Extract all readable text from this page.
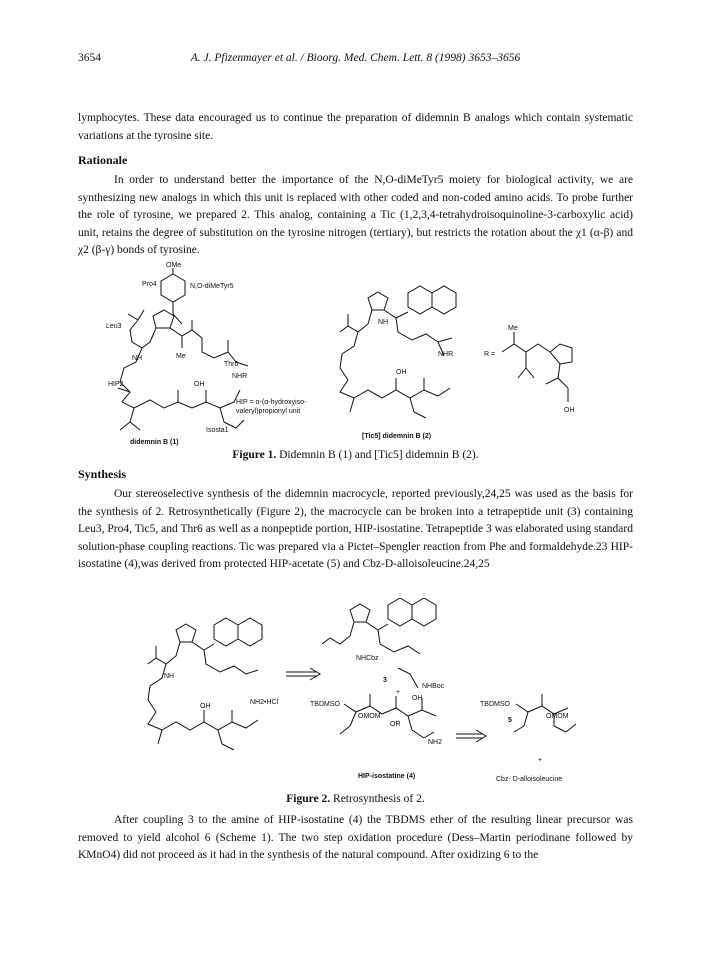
3654	A. J. Pfizenmayer et al. / Bioorg. Med. Chem. Lett. 8 (1998) 3653–3656
lymphocytes. These data encouraged us to continue the preparation of didemnin B analogs which contain systematic variations at the tyrosine site.
Rationale
In order to understand better the importance of the N,O-diMeTyr5 moiety for biological activity, we are synthesizing new analogs in which this unit is replaced with other coded and non-coded amino acids. To probe further the role of tyrosine, we prepared 2. This analog, containing a Tic (1,2,3,4-tetrahydroisoquinoline-3-carboxylic acid) unit, retains the degree of substitution on the tyrosine nitrogen (tertiary), but restricts the rotation about the χ1 (α-β) and χ2 (β-γ) bonds of tyrosine.
OMe
Pro4	N,O-diMeTyr5
Leu3
Me
NH
Thr6
NHR
HIP2	OH
HIP = α-(α-hydroxyiso-
valeryl)propionyl unit
Isosta1
didemnin B (1)
NH
NHR
OH
R =
Me
OH
[Tic5] didemnin B (2)
Figure 1. Didemnin B (1) and [Tic5] didemnin B (2).
Synthesis
Our stereoselective synthesis of the didemnin macrocycle, reported previously,24,25 was used as the basis for the synthesis of 2. Retrosynthetically (Figure 2), the macrocycle can be broken into a tetrapeptide unit (3) containing Leu3, Pro4, Tic5, and Thr6 as well as a nonpeptide portion, HIP-isostatine. Tetrapeptide 3 was elaborated using standard solution-phase coupling reactions. Tic was prepared via a Pictet–Spengler reaction from Phe and formaldehyde.23 HIP-isostatine (4),was derived from protected HIP-acetate (5) and Cbz-D-alloisoleucine.24,25
NH
OH
NH2•HCl
NHCbz
3
NHBoc
+
OH
TBDMSO
OMOM
OR
NH2
TBDMSO
OMOM
5
+
HIP-isostatine (4)	Cbz- D-alloisoleucine
Figure 2. Retrosynthesis of 2.
After coupling 3 to the amine of HIP-isostatine (4) the TBDMS ether of the resulting linear precursor was removed to yield alcohol 6 (Scheme 1). The two step oxidation procedure (Dess–Martin periodinane followed by KMnO4) did not proceed as it had in the synthesis of the natural compound. After oxidizing 6 to the
